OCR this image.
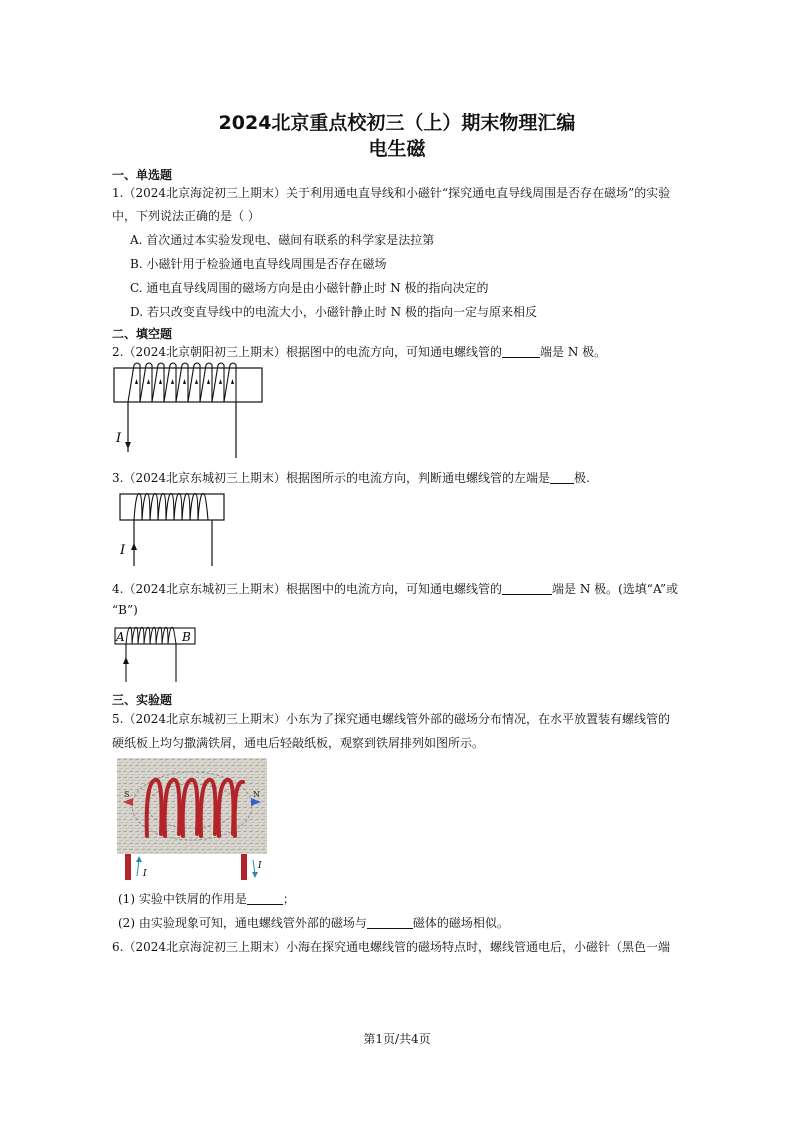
2024北京重点校初三（上）期末物理汇编
电生磁
一、单选题
1.（2024北京海淀初三上期末）关于利用通电直导线和小磁针“探究通电直导线周围是否存在磁场”的实验
中，下列说法正确的是（ ）
A. 首次通过本实验发现电、磁间有联系的科学家是法拉第
B. 小磁针用于检验通电直导线周围是否存在磁场
C. 通电直导线周围的磁场方向是由小磁针静止时 N 极的指向决定的
D. 若只改变直导线中的电流大小，小磁针静止时 N 极的指向一定与原来相反
二、填空题
2.（2024北京朝阳初三上期末）根据图中的电流方向，可知通电螺线管的	端是 N 极。
I
3.（2024北京东城初三上期末）根据图所示的电流方向，判断通电螺线管的左端是 极.
I
4.（2024北京东城初三上期末）根据图中的电流方向，可知通电螺线管的	端是 N 极。(选填“A”或
“B”)
A	B
三、实验题
5.（2024北京东城初三上期末）小东为了探究通电螺线管外部的磁场分布情况，在水平放置装有螺线管的
硬纸板上均匀撒满铁屑，通电后轻敲纸板，观察到铁屑排列如图所示。
S	N
I
I
(1) 实验中铁屑的作用是	；
(2) 由实验现象可知，通电螺线管外部的磁场与	磁体的磁场相似。
6.（2024北京海淀初三上期末）小海在探究通电螺线管的磁场特点时，螺线管通电后，小磁针（黑色一端
第1页/共4页
